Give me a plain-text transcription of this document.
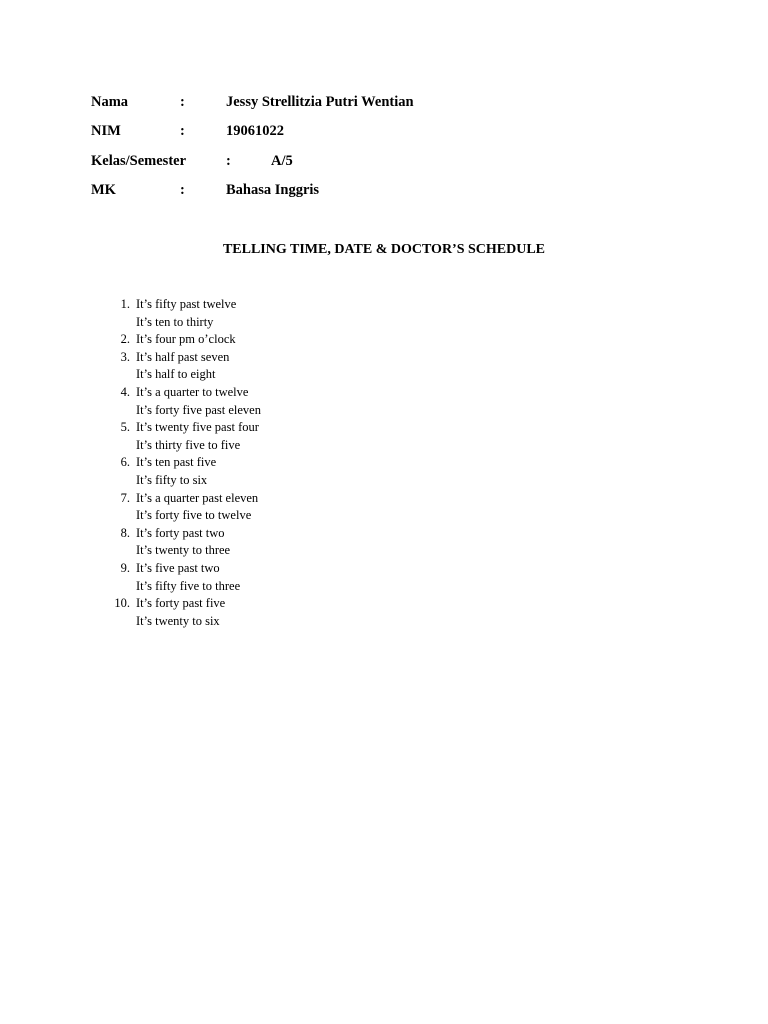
Nama	:	Jessy Strellitzia Putri Wentian
NIM	:	19061022
Kelas/Semester	:	A/5
MK	:	Bahasa Inggris
TELLING TIME, DATE & DOCTOR’S SCHEDULE
1. It’s fifty past twelve
It’s ten to thirty
2. It’s four pm o’clock
3. It’s half past seven
It’s half to eight
4. It’s a quarter to twelve
It’s forty five past eleven
5. It’s twenty five past four
It’s thirty five to five
6. It’s ten past five
It’s fifty to six
7. It’s a quarter past eleven
It’s forty five to twelve
8. It’s forty past two
It’s twenty to three
9. It’s five past two
It’s fifty five to three
10. It’s forty past five
It’s twenty to six
